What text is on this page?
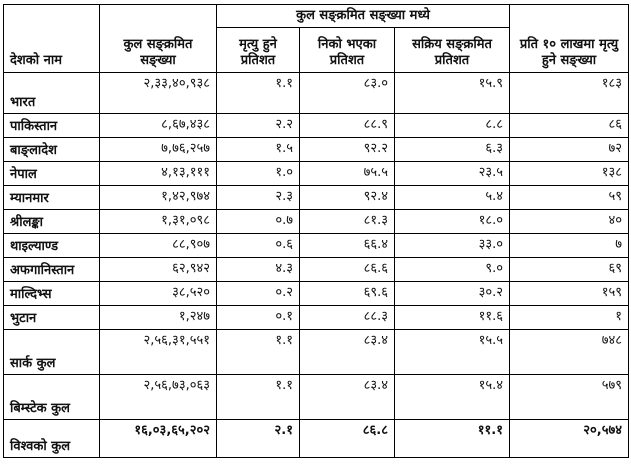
देशको नाम	कुल सङ्क्रमित सङ्ख्या	कुल सङ्क्रमित सङ्ख्या मध्ये			प्रति १० लाखमा मृत्यु हुने सङ्ख्या
		मृत्यु हुने प्रतिशत	निको भएका प्रतिशत	सक्रिय सङ्क्रमित प्रतिशत	
भारत	२,३३,४०,९३८	१.१	८३.०	१५.९	१८३
पाकिस्तान	८,६७,४३८	२.२	८८.९	८.८	८६
बाङ्लादेश	७,७६,२५७	१.५	९२.२	६.३	७२
नेपाल	४,१३,१११	१.०	७५.५	२३.५	१३८
म्यानमार	१,४२,९७४	२.३	९२.४	५.४	५९
श्रीलङ्का	१,३१,०९८	०.७	८१.३	१८.०	४०
थाइल्याण्ड	८८,९०७	०.६	६६.४	३३.०	७
अफगानिस्तान	६२,९४२	४.३	८६.६	९.०	६९
माल्दिभ्स	३८,५२०	०.२	६९.६	३०.२	१५९
भुटान	१,२४७	०.१	८८.३	११.६	१
सार्क कुल	२,५६,३१,५५१	१.१	८३.४	१५.५	७४८
बिम्स्टेक कुल	२,५६,७३,०६३	१.१	८३.४	१५.४	५७९
विश्वको कुल	१६,०३,६५,२०२	२.१	८६.८	११.१	२०,५७४
